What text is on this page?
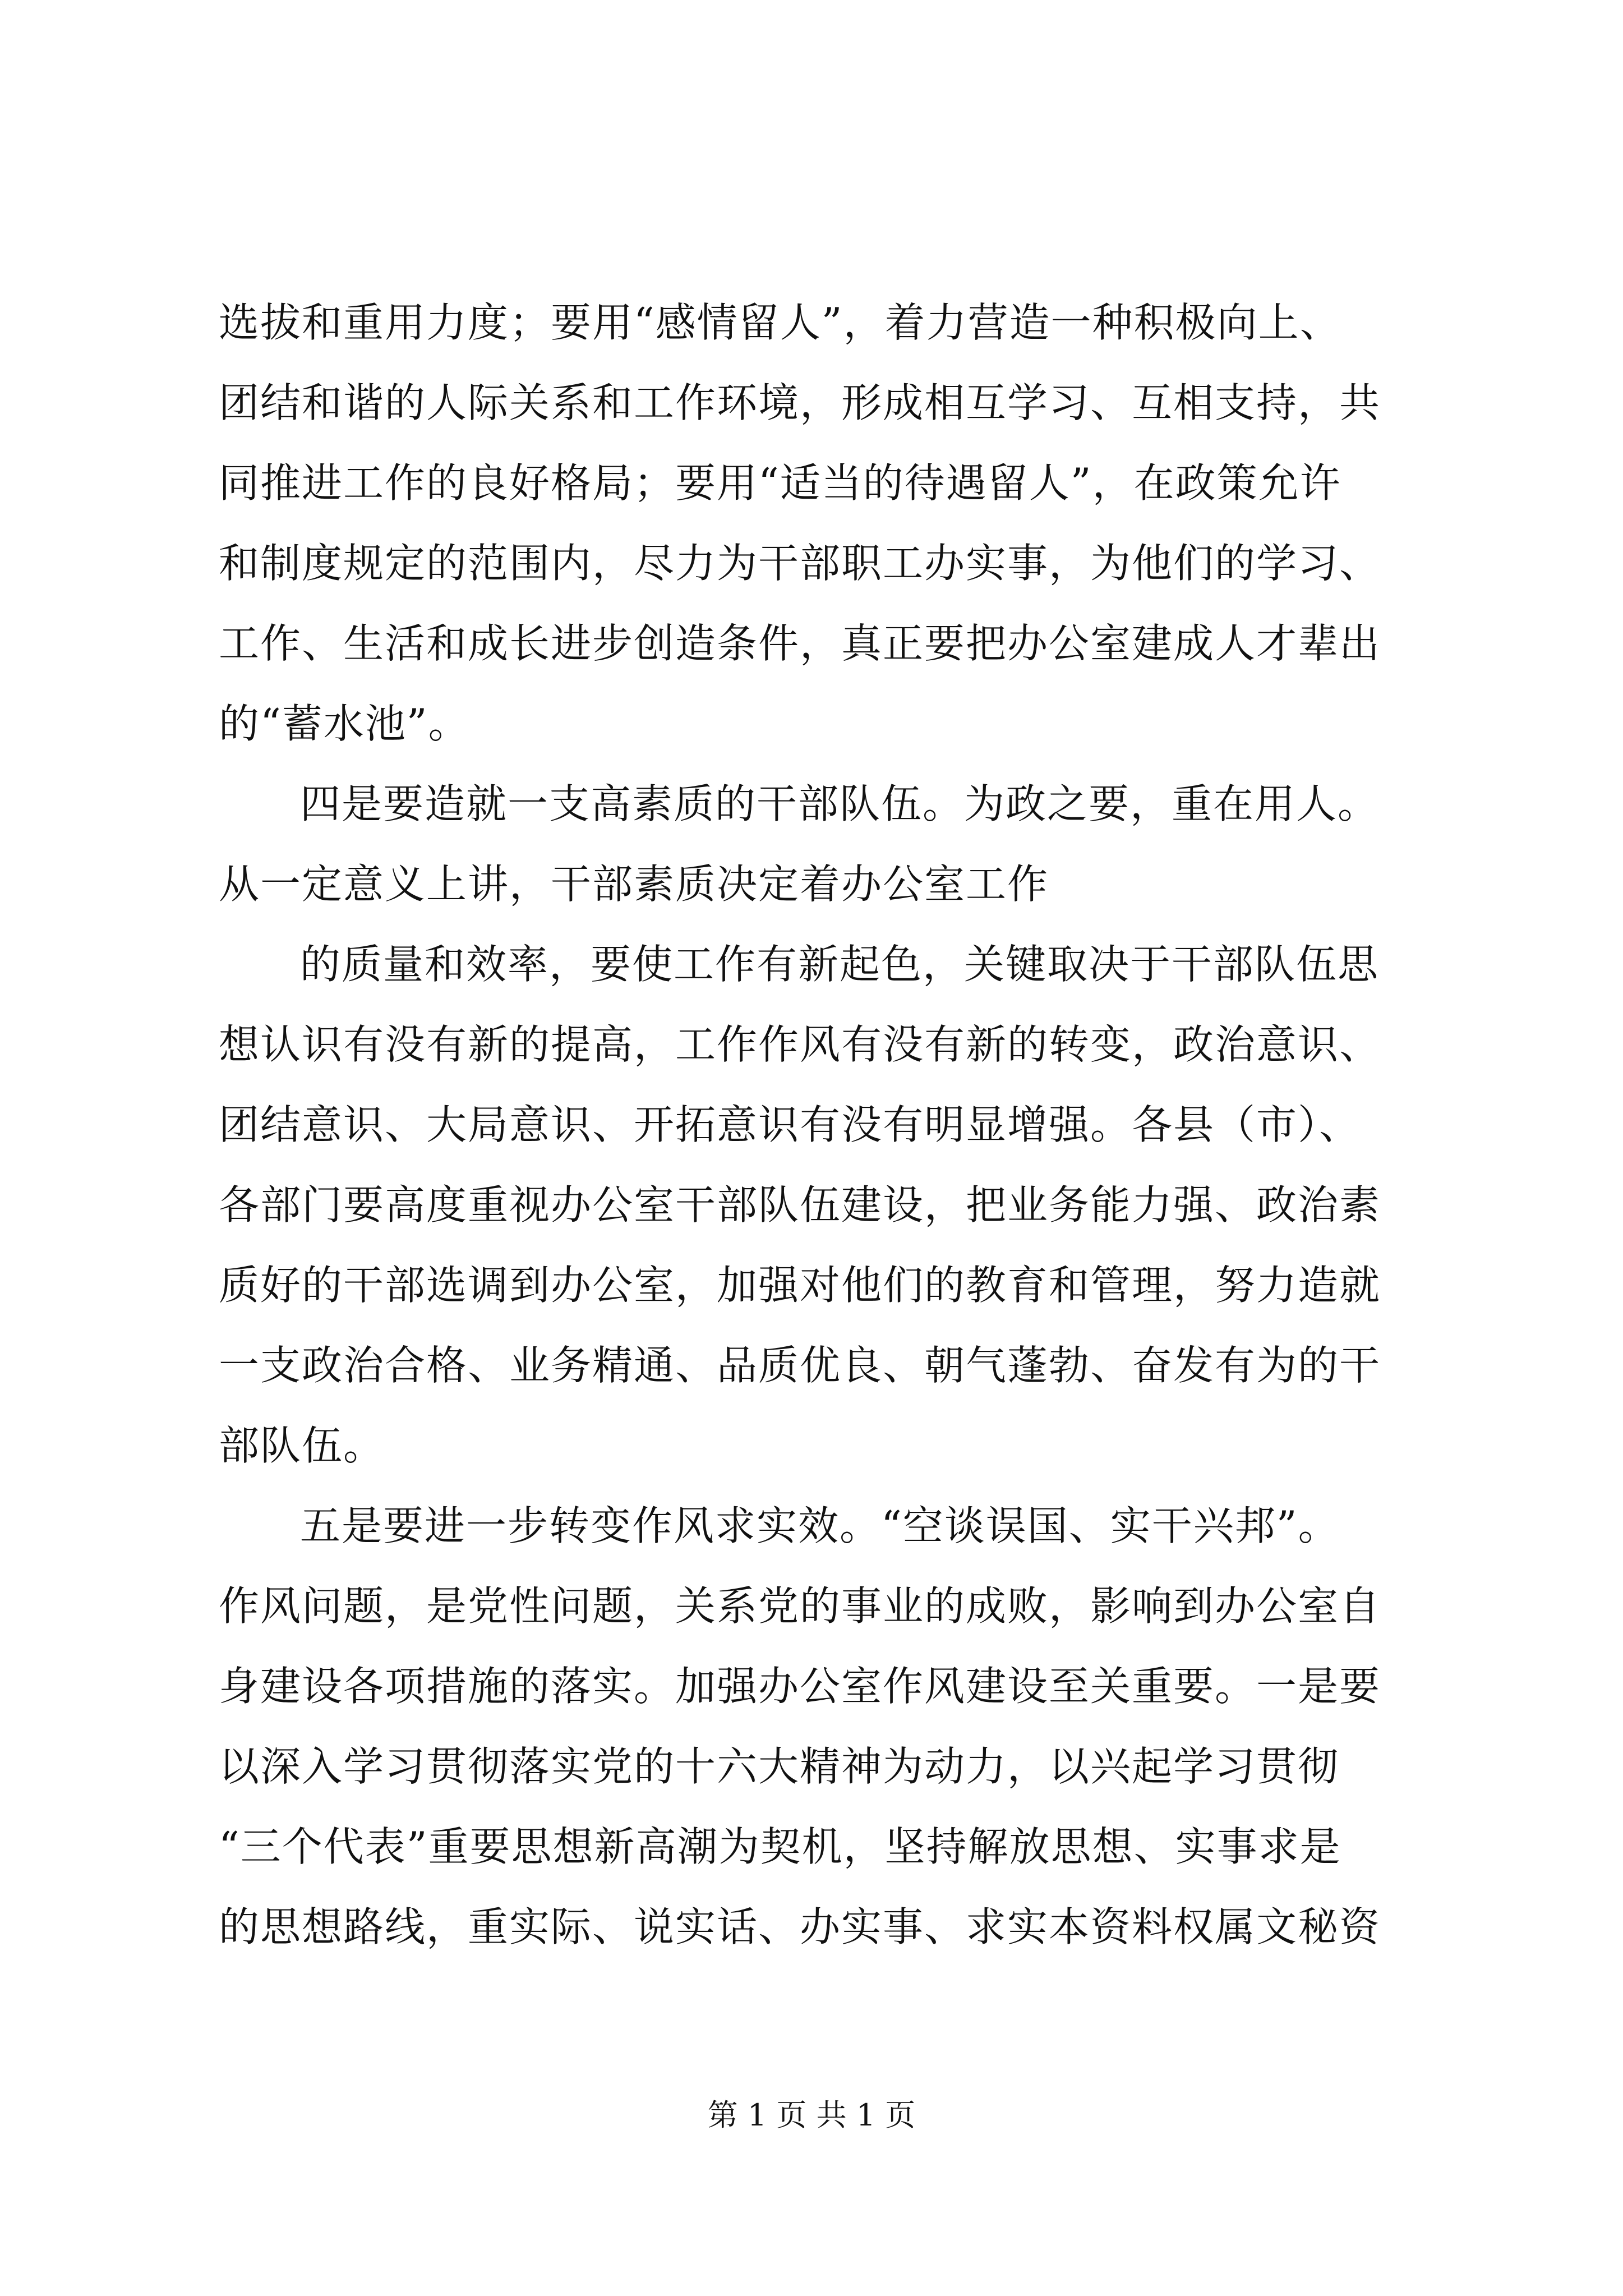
选拔和重用力度；要用“感情留人”，着力营造一种积极向上、
团结和谐的人际关系和工作环境，形成相互学习、互相支持，共
同推进工作的良好格局；要用“适当的待遇留人”，在政策允许
和制度规定的范围内，尽力为干部职工办实事，为他们的学习、
工作、生活和成长进步创造条件，真正要把办公室建成人才辈出
的“蓄水池”。
四是要造就一支高素质的干部队伍。为政之要，重在用人。
从一定意义上讲，干部素质决定着办公室工作
的质量和效率，要使工作有新起色，关键取决于干部队伍思
想认识有没有新的提高，工作作风有没有新的转变，政治意识、
团结意识、大局意识、开拓意识有没有明显增强。各县（市）、
各部门要高度重视办公室干部队伍建设，把业务能力强、政治素
质好的干部选调到办公室，加强对他们的教育和管理，努力造就
一支政治合格、业务精通、品质优良、朝气蓬勃、奋发有为的干
部队伍。
五是要进一步转变作风求实效。“空谈误国、实干兴邦”。
作风问题，是党性问题，关系党的事业的成败，影响到办公室自
身建设各项措施的落实。加强办公室作风建设至关重要。一是要
以深入学习贯彻落实党的十六大精神为动力，以兴起学习贯彻
“三个代表”重要思想新高潮为契机，坚持解放思想、实事求是
的思想路线，重实际、说实话、办实事、求实本资料权属文秘资
第 1 页 共 1 页
